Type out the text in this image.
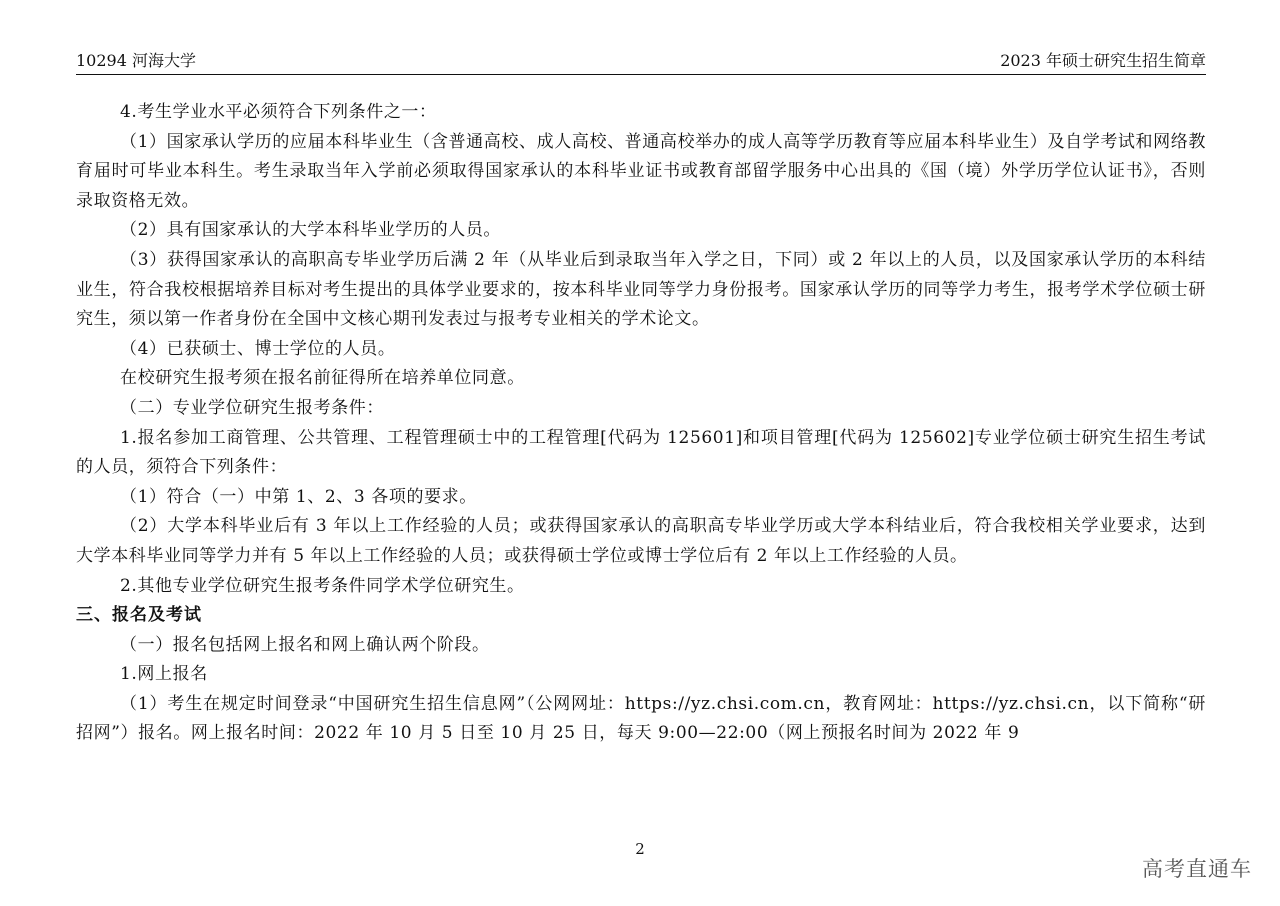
10294 河海大学	2023 年硕士研究生招生简章

4.考生学业水平必须符合下列条件之一：

（1）国家承认学历的应届本科毕业生（含普通高校、成人高校、普通高校举办的成人高等学历教育等应届本科毕业生）及自学考试和网络教育届时可毕业本科生。考生录取当年入学前必须取得国家承认的本科毕业证书或教育部留学服务中心出具的《国（境）外学历学位认证书》，否则录取资格无效。

（2）具有国家承认的大学本科毕业学历的人员。

（3）获得国家承认的高职高专毕业学历后满 2 年（从毕业后到录取当年入学之日，下同）或 2 年以上的人员，以及国家承认学历的本科结业生，符合我校根据培养目标对考生提出的具体学业要求的，按本科毕业同等学力身份报考。国家承认学历的同等学力考生，报考学术学位硕士研究生，须以第一作者身份在全国中文核心期刊发表过与报考专业相关的学术论文。

（4）已获硕士、博士学位的人员。

在校研究生报考须在报名前征得所在培养单位同意。

（二）专业学位研究生报考条件：

1.报名参加工商管理、公共管理、工程管理硕士中的工程管理[代码为 125601]和项目管理[代码为 125602]专业学位硕士研究生招生考试的人员，须符合下列条件：

（1）符合（一）中第 1、2、3 各项的要求。

（2）大学本科毕业后有 3 年以上工作经验的人员；或获得国家承认的高职高专毕业学历或大学本科结业后，符合我校相关学业要求，达到大学本科毕业同等学力并有 5 年以上工作经验的人员；或获得硕士学位或博士学位后有 2 年以上工作经验的人员。

2.其他专业学位研究生报考条件同学术学位研究生。

三、报名及考试

（一）报名包括网上报名和网上确认两个阶段。

1.网上报名

（1）考生在规定时间登录“中国研究生招生信息网”（公网网址：https://yz.chsi.com.cn，教育网址：https://yz.chsi.cn，以下简称“研招网”）报名。网上报名时间：2022 年 10 月 5 日至 10 月 25 日，每天 9:00—22:00（网上预报名时间为 2022 年 9

2
高考直通车
